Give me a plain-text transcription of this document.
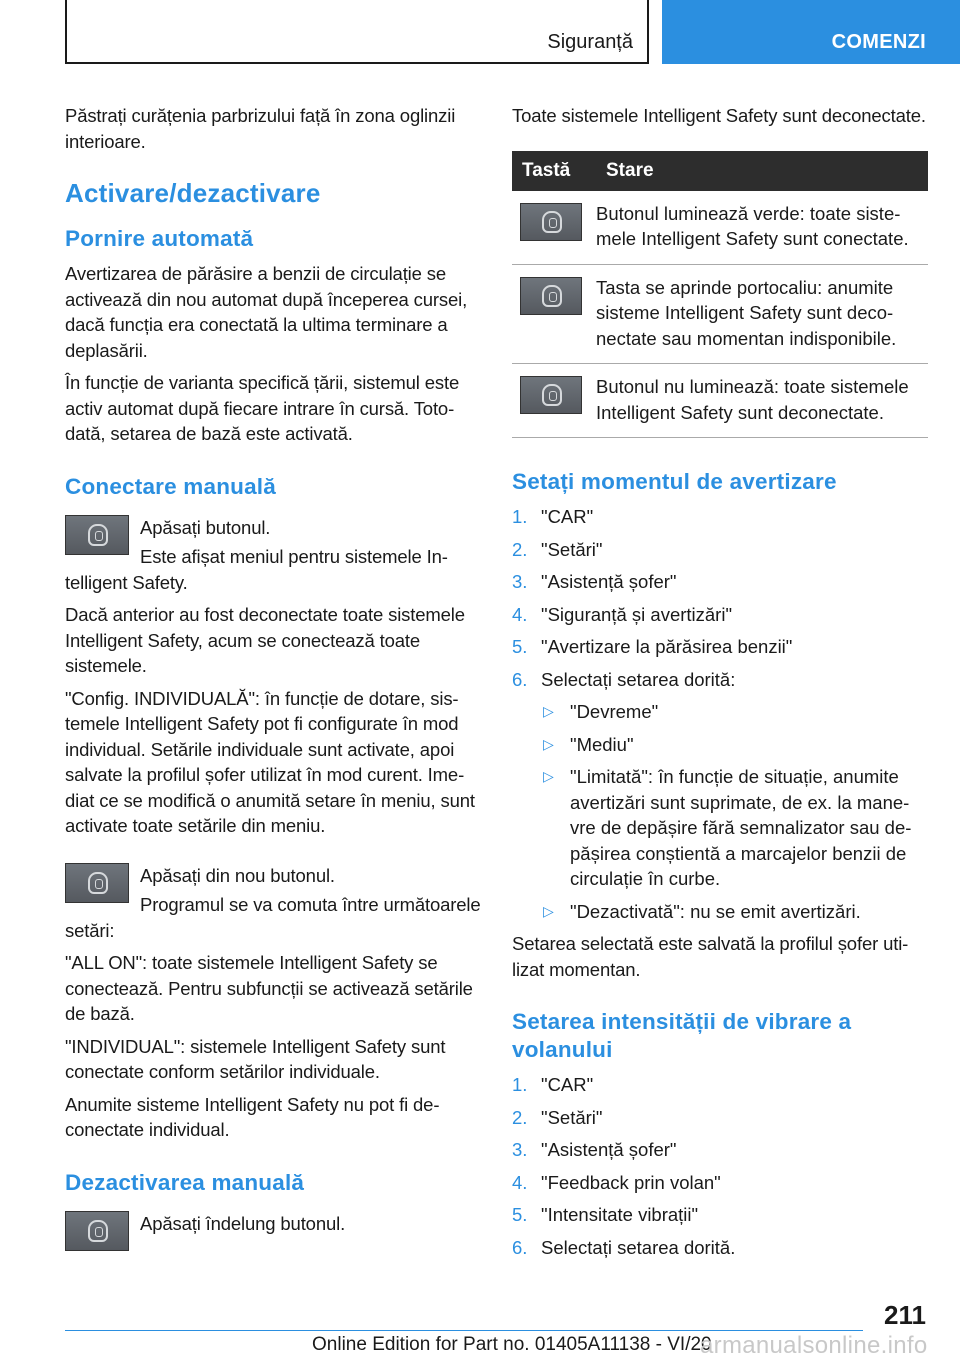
Siguranță	COMENZI

Păstrați curățenia parbrizului față în zona oglinzii interioare.

Activare/dezactivare
Pornire automată

Avertizarea de părăsire a benzii de circulație se activează din nou automat după începerea cursei, dacă funcția era conectată la ultima terminare a deplasării.

În funcție de varianta specifică țării, sistemul este activ automat după fiecare intrare în cursă. Totodată, setarea de bază este activată.

Conectare manuală

Apăsați butonul.

Este afișat meniul pentru sistemele Intelligent Safety.

Dacă anterior au fost deconectate toate sistemele Intelligent Safety, acum se conectează toate sistemele.

"Config. INDIVIDUALĂ": în funcție de dotare, sistemele Intelligent Safety pot fi configurate în mod individual. Setările individuale sunt activate, apoi salvate la profilul șofer utilizat în mod curent. Imediat ce se modifică o anumită setare în meniu, sunt activate toate setările din meniu.

Apăsați din nou butonul.

Programul se va comuta între următoarele setări:

"ALL ON": toate sistemele Intelligent Safety se conectează. Pentru subfuncții se activează setările de bază.

"INDIVIDUAL": sistemele Intelligent Safety sunt conectate conform setărilor individuale.

Anumite sisteme Intelligent Safety nu pot fi deconectate individual.

Dezactivarea manuală

Apăsați îndelung butonul.

Toate sistemele Intelligent Safety sunt deconectate.

Tastă	Stare

	Butonul luminează verde: toate sistemele Intelligent Safety sunt conectate.

	Tasta se aprinde portocaliu: anumite sisteme Intelligent Safety sunt deconectate sau momentan indisponibile.

	Butonul nu luminează: toate sistemele Intelligent Safety sunt deconectate.
Setați momentul de avertizare
1. "CAR"
2. "Setări"
3. "Asistență șofer"
4. "Siguranță și avertizări"
5. "Avertizare la părăsirea benzii"
6. Selectați setarea dorită:
▷ "Devreme"
▷ "Mediu"
▷ "Limitată": în funcție de situație, anumite avertizări sunt suprimate, de ex. la manevre de depășire fără semnalizator sau depășirea conștientă a marcajelor benzii de circulație în curbe.
▷ "Dezactivată": nu se emit avertizări.

Setarea selectată este salvată la profilul șofer utilizat momentan.

Setarea intensității de vibrare a volanului
1. "CAR"
2. "Setări"
3. "Asistență șofer"
4. "Feedback prin volan"
5. "Intensitate vibrații"
6. Selectați setarea dorită.
211
Online Edition for Part no. 01405A11138 - VI/20
armanualsonline.info
